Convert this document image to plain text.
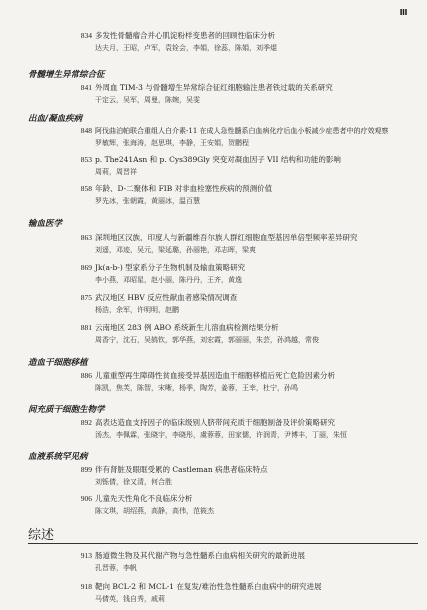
III
834 多发性骨髓瘤合并心肌淀粉样变患者的回顾性临床分析
达夫月，王昭，卢军，袁铨会，李娟，徐蕊，陈娟，刘季焜
骨髓增生异常综合征
841 外周血 TIM-3 与骨髓增生异常综合征红细胞输注患者铁过载的关系研究
干定云，吴军，周曼，陈婉，吴雯
出血/凝血疾病
848 阿伐曲泊帕联合重组人白介素-11 在成人急性髓系白血病化疗后血小板减少症患者中的疗效观察
罗敏辉，张海涛，赵思琪，李静，王安娟，贺鹏程
853 p. The241Asn 和 p. Cys389Gly 突变对凝血因子 VII 结构和功能的影响
周莉，周晋祥
858 年龄、D-二聚体和 FIB 对非血栓塞性疾病的预测价值
罗先冰，张朝霞，黄丽冰，温百慧
输血医学
863 深圳地区汉族、印度人与新疆维吾尔族人群红细胞血型基因单倍型频率差异研究
刘遥，邓迹，吴元，梁延璐，孙丽艳，邓志晖，梁爽
869 Jk(a-b-) 型家系分子生物机制及输血策略研究
李小燕，邓昭星，赵小丽，陈丹丹，王齐，黄逸
875 武汉地区 HBV 反应性献血者感染情况调查
杨浩，余军，许明明，赵鹏
881 云南地区 283 例 ABO 系统新生儿溶血病检测结果分析
周香宁，沈石，吴鸫钦，郭华燕，刘宏霞，郭丽丽，朱芸，孙鸿越，常俊
造血干细胞移植
886 儿童重型再生障碍性贫血接受异基因造血干细胞移植后死亡危险因素分析
陈凯，焦芙，陈智，宋晰，杨季，陶芳，姜蓉，王幸，杜宁，孙鸣
间充质干细胞生物学
892 高表达造血支持因子的临床级别人脐带间充质干细胞制备及评价策略研究
汤杰，李佩霖，张晓宇，李晓彤，虞蓉蓉，田家儒，许润青，尹博丰，丁丽，朱恒
血液系统罕见病
899 伴有肾脏及眼眶受累的 Castleman 病患者临床特点
刘铄倩，徐又清，何合胜
906 儿童先天性角化不良临床分析
陈文琪，胡绍燕，高静，高伟，范筱杰
综述
913 肠道微生物及其代谢产物与急性髓系白血病相关研究的最新进展
孔晋蓉，李帆
918 靶向 BCL-2 和 MCL-1 在复发/难治性急性髓系白血病中的研究进展
马倩英，钱自秀，戚莉
